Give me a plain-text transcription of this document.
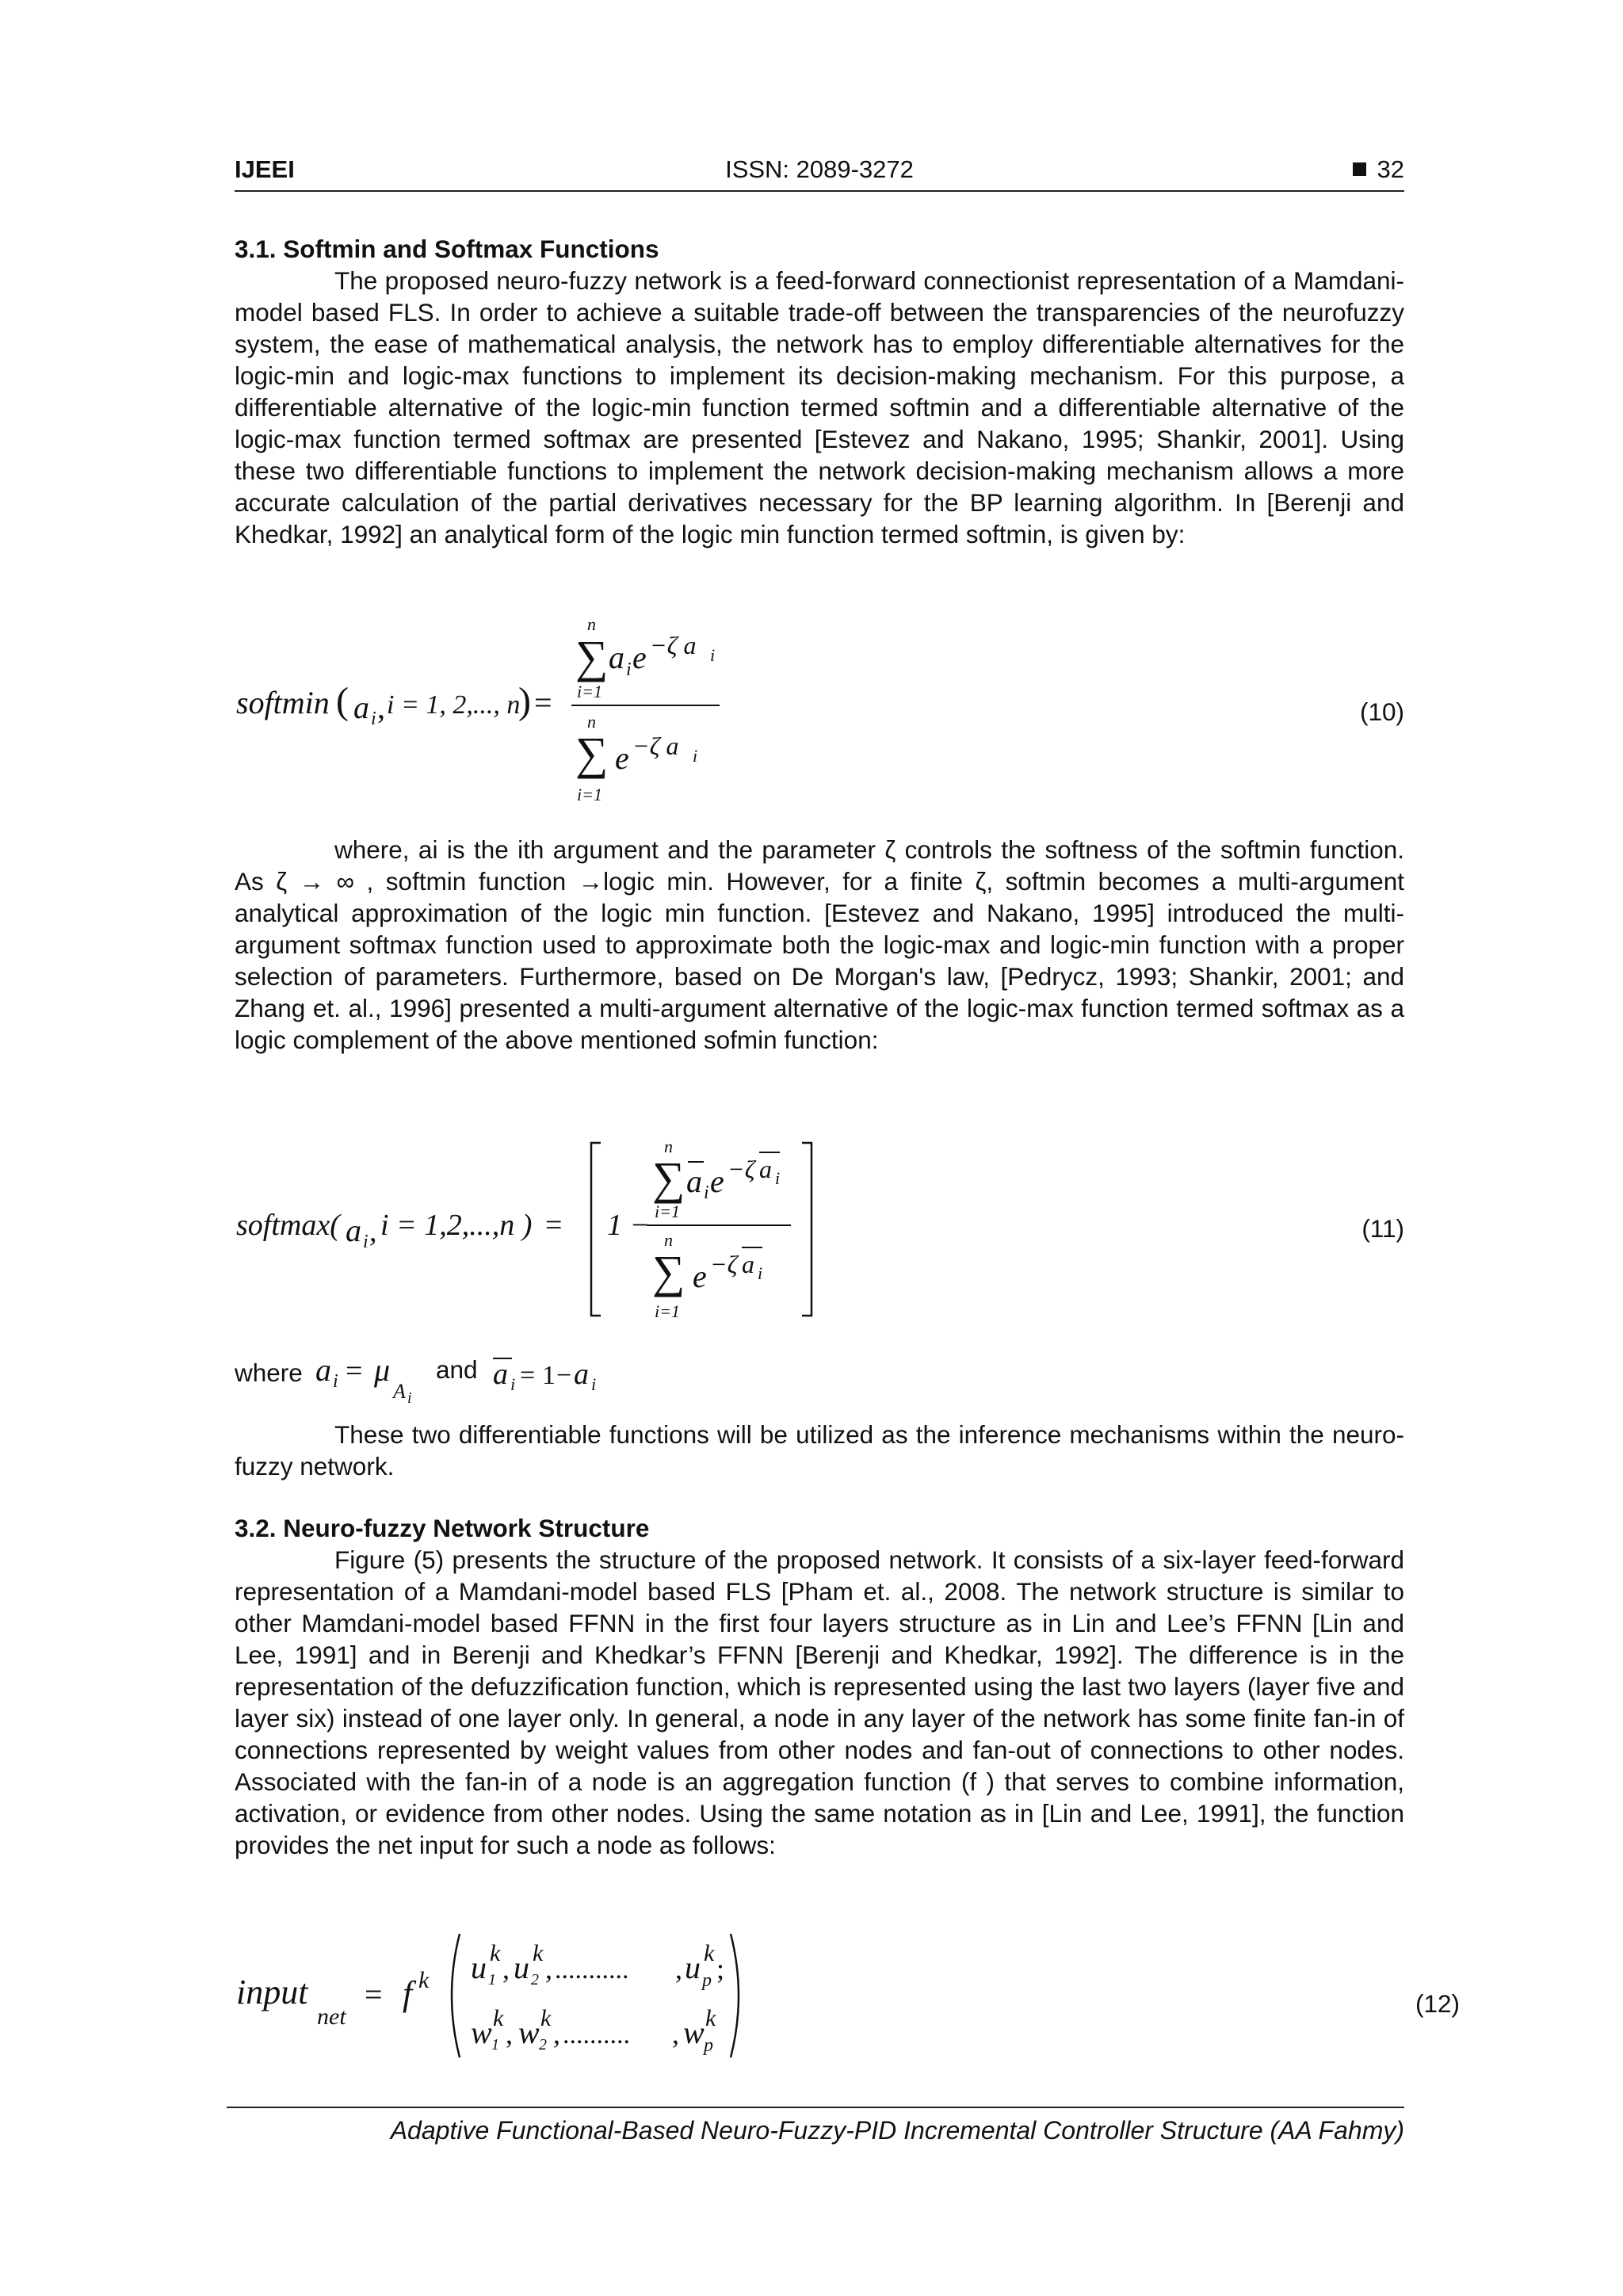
IJEEI	ISSN: 2089-3272	32

3.1. Softmin and Softmax Functions

The proposed neuro-fuzzy network is a feed-forward connectionist representation of a Mamdani-model based FLS. In order to achieve a suitable trade-off between the transparencies of the neurofuzzy system, the ease of mathematical analysis, the network has to employ differentiable alternatives for the logic-min and logic-max functions to implement its decision-making mechanism. For this purpose, a differentiable alternative of the logic-min function termed softmin and a differentiable alternative of the logic-max function termed softmax are presented [Estevez and Nakano, 1995; Shankir, 2001]. Using these two differentiable functions to implement the network decision-making mechanism allows a more accurate calculation of the partial derivatives necessary for the BP learning algorithm. In [Berenji and Khedkar, 1992] an analytical form of the logic min function termed softmin, is given by:

softmin ( a i , i = 1, 2,..., n
) =
n
∑ a i e −ζ a i
i=1
n
∑ e −ζ a i
i=1
(10)

where, ai is the ith argument and the parameter ζ controls the softness of the softmin function. As ζ → ∞ , softmin function →logic min. However, for a finite ζ, softmin becomes a multi-argument analytical approximation of the logic min function. [Estevez and Nakano, 1995] introduced the multi-argument softmax function used to approximate both the logic-max and logic-min function with a proper selection of parameters. Furthermore, based on De Morgan's law, [Pedrycz, 1993; Shankir, 2001; and Zhang et. al., 1996] presented a multi-argument alternative of the logic-max function termed softmax as a logic complement of the above mentioned sofmin function:

softmax( a i , i = 1,2,...,n ) = 1 −
n
∑ a i e −ζ a i
i=1
n
∑ e −ζ a i
i=1
(11)
where a i = μ
A i
and a i = 1 − a i

These two differentiable functions will be utilized as the inference mechanisms within the neuro-fuzzy network.

3.2. Neuro-fuzzy Network Structure

Figure (5) presents the structure of the proposed network. It consists of a six-layer feed-forward representation of a Mamdani-model based FLS [Pham et. al., 2008. The network structure is similar to other Mamdani-model based FFNN in the first four layers structure as in Lin and Lee’s FFNN [Lin and Lee, 1991] and in Berenji and Khedkar’s FFNN [Berenji and Khedkar, 1992]. The difference is in the representation of the defuzzification function, which is represented using the last two layers (layer five and layer six) instead of one layer only. In general, a node in any layer of the network has some finite fan-in of connections represented by weight values from other nodes and fan-out of connections to other nodes. Associated with the fan-in of a node is an aggregation function (f ) that serves to combine information, activation, or evidence from other nodes. Using the same notation as in [Lin and Lee, 1991], the function provides the net input for such a node as follows:

input
net
= f k u k
1 , u k
2 , ........... , u k
p ;
w k
1 , w k
2 , .......... , w k
p
(12)
Adaptive Functional-Based Neuro-Fuzzy-PID Incremental Controller Structure (AA Fahmy)
